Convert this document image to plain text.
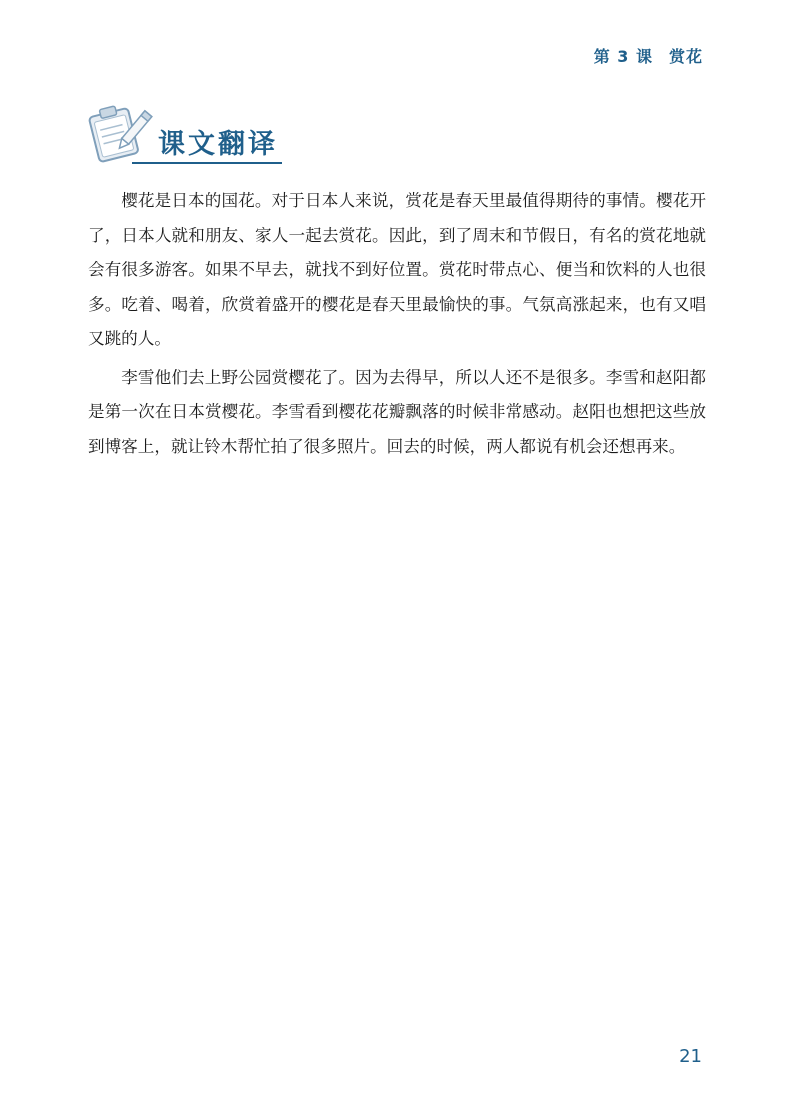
第 3 课 赏花
课文翻译

樱花是日本的国花。对于日本人来说，赏花是春天里最值得期待的事情。樱花开了，日本人就和朋友、家人一起去赏花。因此，到了周末和节假日，有名的赏花地就会有很多游客。如果不早去，就找不到好位置。赏花时带点心、便当和饮料的人也很多。吃着、喝着，欣赏着盛开的樱花是春天里最愉快的事。气氛高涨起来，也有又唱又跳的人。

李雪他们去上野公园赏樱花了。因为去得早，所以人还不是很多。李雪和赵阳都是第一次在日本赏樱花。李雪看到樱花花瓣飘落的时候非常感动。赵阳也想把这些放到博客上，就让铃木帮忙拍了很多照片。回去的时候，两人都说有机会还想再来。

21
